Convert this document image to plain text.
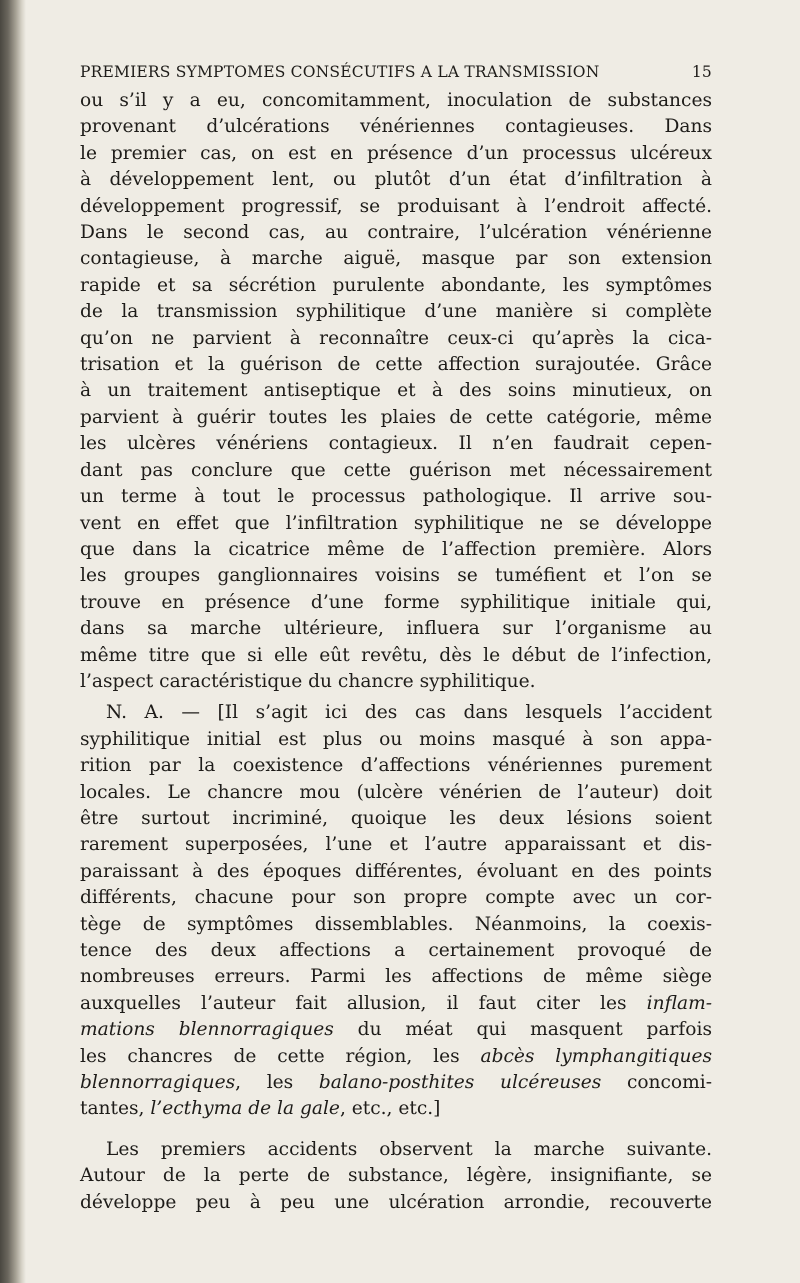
PREMIERS SYMPTOMES CONSÉCUTIFS A LA TRANSMISSION	15

ou s’il y a eu, concomitamment, inoculation de substances
provenant d’ulcérations vénériennes contagieuses. Dans
le premier cas, on est en présence d’un processus ulcéreux
à développement lent, ou plutôt d’un état d’infiltration à
développement progressif, se produisant à l’endroit affecté.
Dans le second cas, au contraire, l’ulcération vénérienne
contagieuse, à marche aiguë, masque par son extension
rapide et sa sécrétion purulente abondante, les symptômes
de la transmission syphilitique d’une manière si complète
qu’on ne parvient à reconnaître ceux-ci qu’après la cica-
trisation et la guérison de cette affection surajoutée. Grâce
à un traitement antiseptique et à des soins minutieux, on
parvient à guérir toutes les plaies de cette catégorie, même
les ulcères vénériens contagieux. Il n’en faudrait cepen-
dant pas conclure que cette guérison met nécessairement
un terme à tout le processus pathologique. Il arrive sou-
vent en effet que l’infiltration syphilitique ne se développe
que dans la cicatrice même de l’affection première. Alors
les groupes ganglionnaires voisins se tuméfient et l’on se
trouve en présence d’une forme syphilitique initiale qui,
dans sa marche ultérieure, influera sur l’organisme au
même titre que si elle eût revêtu, dès le début de l’infection,
l’aspect caractéristique du chancre syphilitique.

N. A. — [Il s’agit ici des cas dans lesquels l’accident
syphilitique initial est plus ou moins masqué à son appa-
rition par la coexistence d’affections vénériennes purement
locales. Le chancre mou (ulcère vénérien de l’auteur) doit
être surtout incriminé, quoique les deux lésions soient
rarement superposées, l’une et l’autre apparaissant et dis-
paraissant à des époques différentes, évoluant en des points
différents, chacune pour son propre compte avec un cor-
tège de symptômes dissemblables. Néanmoins, la coexis-
tence des deux affections a certainement provoqué de
nombreuses erreurs. Parmi les affections de même siège
auxquelles l’auteur fait allusion, il faut citer les inflam-
mations blennorragiques du méat qui masquent parfois
les chancres de cette région, les abcès lymphangitiques
blennorragiques, les balano-posthites ulcéreuses concomi-
tantes, l’ecthyma de la gale, etc., etc.]

Les premiers accidents observent la marche suivante.
Autour de la perte de substance, légère, insignifiante, se
développe peu à peu une ulcération arrondie, recouverte
